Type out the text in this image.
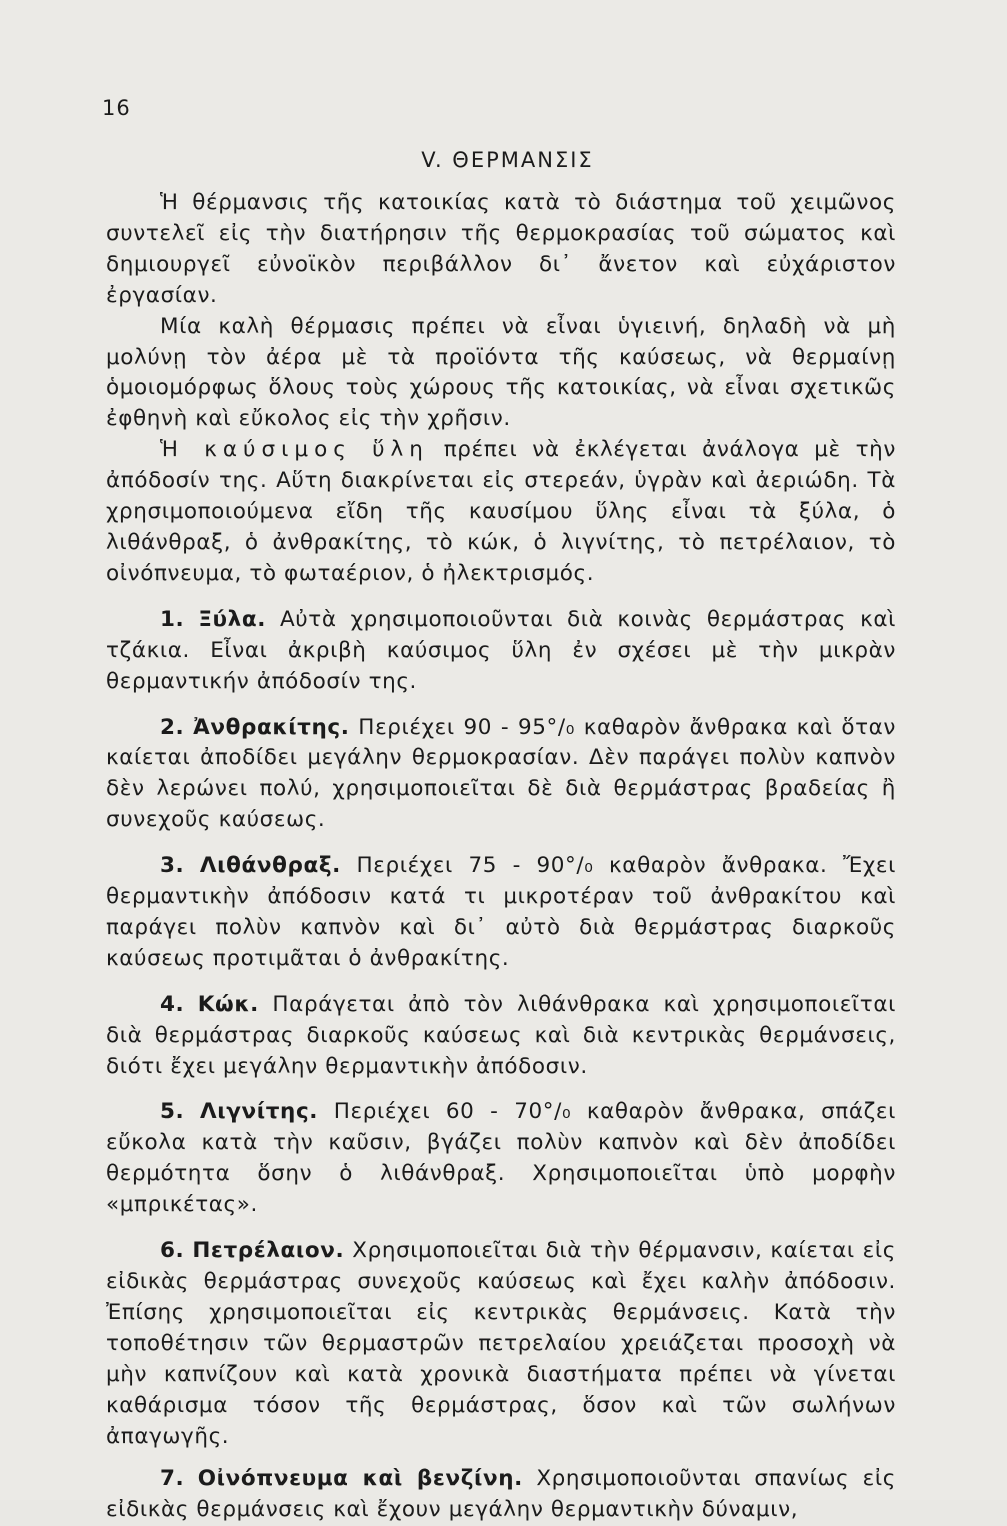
16
V. ΘΕΡΜΑΝΣΙΣ

Ἡ θέρμανσις τῆς κατοικίας κατὰ τὸ διάστημα τοῦ χειμῶνος συντελεῖ εἰς τὴν διατήρησιν τῆς θερμοκρασίας τοῦ σώματος καὶ δημιουργεῖ εὐνοϊκὸν περιβάλλον δι᾽ ἄνετον καὶ εὐχάριστον ἐργασίαν.

Μία καλὴ θέρμασις πρέπει νὰ εἶναι ὑγιεινή, δηλαδὴ νὰ μὴ μολύνῃ τὸν ἀέρα μὲ τὰ προϊόντα τῆς καύσεως, νὰ θερμαίνῃ ὁμοιομόρφως ὅλους τοὺς χώρους τῆς κατοικίας, νὰ εἶναι σχετικῶς ἐφθηνὴ καὶ εὔκολος εἰς τὴν χρῆσιν.

Ἡ καύσιμος ὕλη πρέπει νὰ ἐκλέγεται ἀνάλογα μὲ τὴν ἀπόδοσίν της. Αὕτη διακρίνεται εἰς στερεάν, ὑγρὰν καὶ ἀεριώδη. Τὰ χρησιμοποιούμενα εἴδη τῆς καυσίμου ὕλης εἶναι τὰ ξύλα, ὁ λιθάνθραξ, ὁ ἀνθρακίτης, τὸ κώκ, ὁ λιγνίτης, τὸ πετρέλαιον, τὸ οἰνόπνευμα, τὸ φωταέριον, ὁ ἠλεκτρισμός.

1. Ξύλα. Αὐτὰ χρησιμοποιοῦνται διὰ κοινὰς θερμάστρας καὶ τζάκια. Εἶναι ἀκριβὴ καύσιμος ὕλη ἐν σχέσει μὲ τὴν μικρὰν θερμαντικήν ἀπόδοσίν της.

2. Ἀνθρακίτης. Περιέχει 90 - 95°/₀ καθαρὸν ἄνθρακα καὶ ὅταν καίεται ἀποδίδει μεγάλην θερμοκρασίαν. Δὲν παράγει πολὺν καπνὸν δὲν λερώνει πολύ, χρησιμοποιεῖται δὲ διὰ θερμάστρας βραδείας ἢ συνεχοῦς καύσεως.

3. Λιθάνθραξ. Περιέχει 75 - 90°/₀ καθαρὸν ἄνθρακα. Ἔχει θερμαντικὴν ἀπόδοσιν κατά τι μικροτέραν τοῦ ἀνθρακίτου καὶ παράγει πολὺν καπνὸν καὶ δι᾽ αὐτὸ διὰ θερμάστρας διαρκοῦς καύσεως προτιμᾶται ὁ ἀνθρακίτης.

4. Κώκ. Παράγεται ἀπὸ τὸν λιθάνθρακα καὶ χρησιμοποιεῖται διὰ θερμάστρας διαρκοῦς καύσεως καὶ διὰ κεντρικὰς θερμάνσεις, διότι ἔχει μεγάλην θερμαντικὴν ἀπόδοσιν.

5. Λιγνίτης. Περιέχει 60 - 70°/₀ καθαρὸν ἄνθρακα, σπάζει εὔκολα κατὰ τὴν καῦσιν, βγάζει πολὺν καπνὸν καὶ δὲν ἀποδίδει θερμότητα ὅσην ὁ λιθάνθραξ. Χρησιμοποιεῖται ὑπὸ μορφὴν «μπρικέτας».

6. Πετρέλαιον. Χρησιμοποιεῖται διὰ τὴν θέρμανσιν, καίεται εἰς εἰδικὰς θερμάστρας συνεχοῦς καύσεως καὶ ἔχει καλὴν ἀπόδοσιν. Ἐπίσης χρησιμοποιεῖται εἰς κεντρικὰς θερμάνσεις. Κατὰ τὴν τοποθέτησιν τῶν θερμαστρῶν πετρελαίου χρειάζεται προσοχὴ νὰ μὴν καπνίζουν καὶ κατὰ χρονικὰ διαστήματα πρέπει νὰ γίνεται καθάρισμα τόσον τῆς θερμάστρας, ὅσον καὶ τῶν σωλήνων ἀπαγωγῆς.

7. Οἰνόπνευμα καὶ βενζίνη. Χρησιμοποιοῦνται σπανίως εἰς εἰδικὰς θερμάνσεις καὶ ἔχουν μεγάλην θερμαντικὴν δύναμιν,
